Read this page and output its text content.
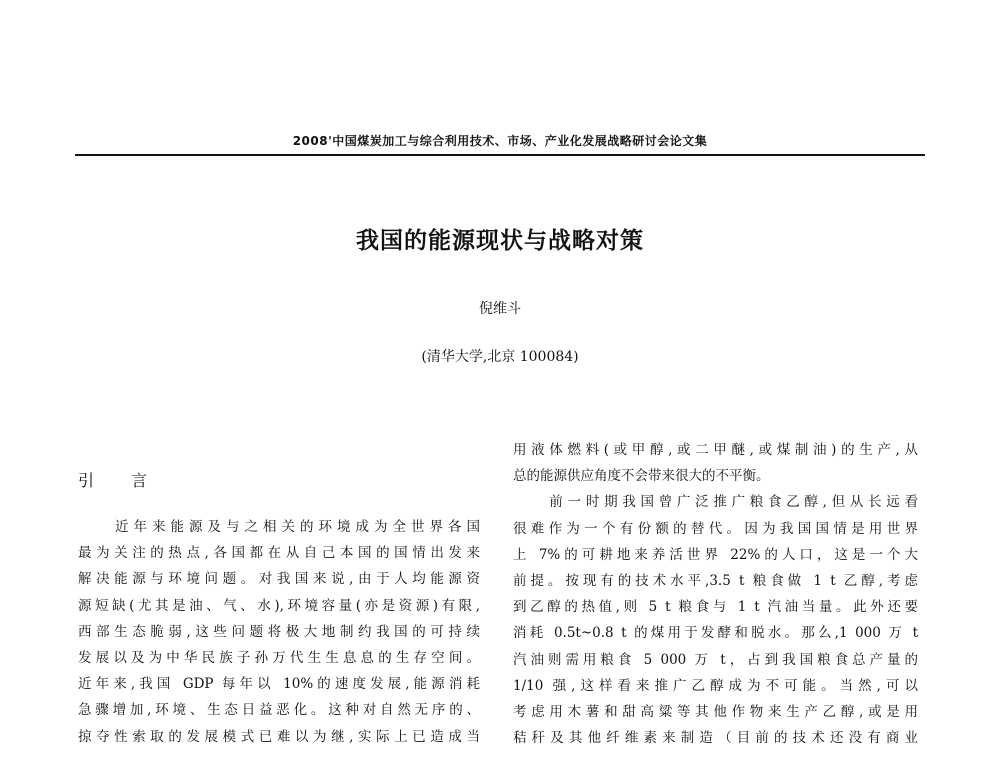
2008'中国煤炭加工与综合利用技术、市场、产业化发展战略研讨会论文集
我国的能源现状与战略对策
倪维斗
(清华大学,北京 100084)
引 言
　　近年来能源及与之相关的环境成为全世界各国
最为关注的热点,各国都在从自己本国的国情出发来
解决能源与环境问题。对我国来说,由于人均能源资
源短缺(尤其是油、气、水),环境容量(亦是资源)有限,
西部生态脆弱,这些问题将极大地制约我国的可持续
发展以及为中华民族子孙万代生生息息的生存空间。
近年来,我国 GDP 每年以 10%的速度发展,能源消耗
急骤增加,环境、生态日益恶化。这种对自然无序的、
掠夺性索取的发展模式已难以为继,实际上已造成当
用液体燃料(或甲醇,或二甲醚,或煤制油)的生产,从
总的能源供应角度不会带来很大的不平衡。
　　前一时期我国曾广泛推广粮食乙醇,但从长远看
很难作为一个有份额的替代。因为我国国情是用世界
上 7%的可耕地来养活世界 22%的人口，这是一个大
前提。按现有的技术水平,3.5 t 粮食做 1 t 乙醇,考虑
到乙醇的热值,则 5 t 粮食与 1 t 汽油当量。此外还要
消耗 0.5t~0.8 t 的煤用于发酵和脱水。那么,1 000 万 t
汽油则需用粮食 5 000 万 t，占到我国粮食总产量的
1/10 强,这样看来推广乙醇成为不可能。当然,可以
考虑用木薯和甜高粱等其他作物来生产乙醇,或是用
秸秆及其他纤维素来制造（目前的技术还没有商业
